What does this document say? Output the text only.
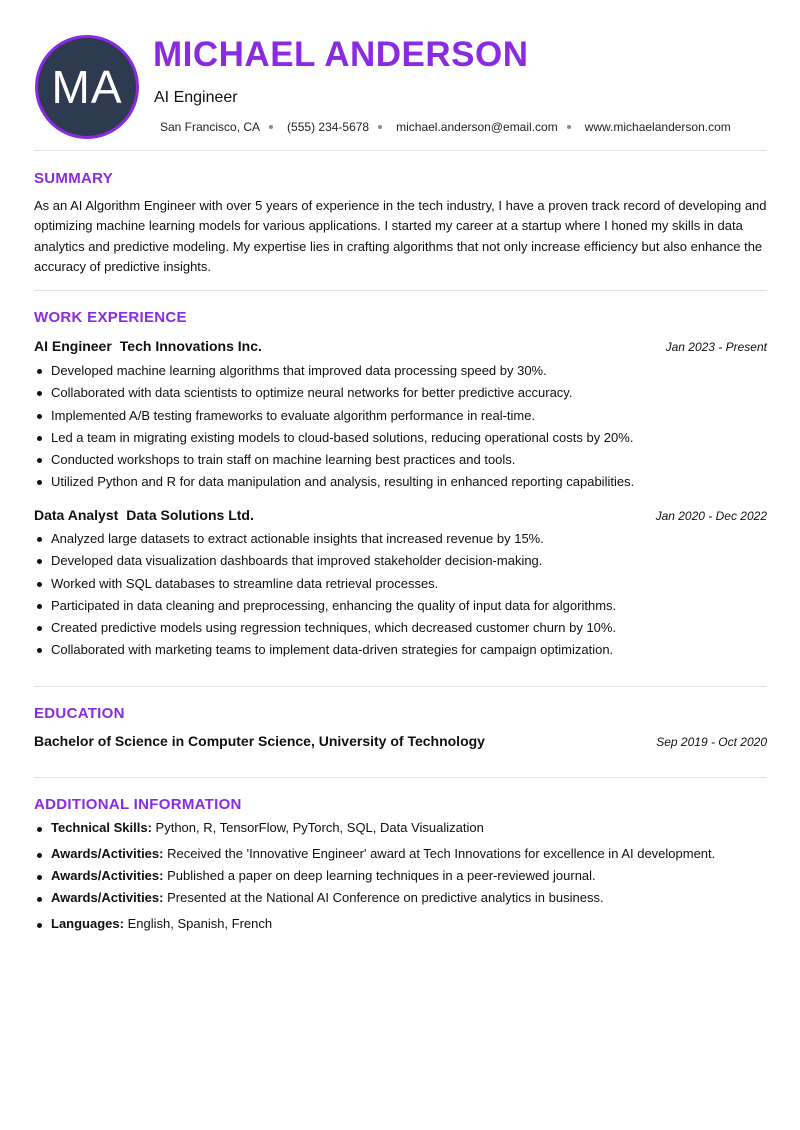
MA
MICHAEL ANDERSON
AI Engineer
San Francisco, CA (555) 234-5678 michael.anderson@email.com www.michaelanderson.com
SUMMARY

As an AI Algorithm Engineer with over 5 years of experience in the tech industry, I have a proven track record of developing and optimizing machine learning models for various applications. I started my career at a startup where I honed my skills in data analytics and predictive modeling. My expertise lies in crafting algorithms that not only increase efficiency but also enhance the accuracy of predictive insights.

WORK EXPERIENCE
AI Engineer Tech Innovations Inc.	Jan 2023 - Present
Developed machine learning algorithms that improved data processing speed by 30%.
Collaborated with data scientists to optimize neural networks for better predictive accuracy.
Implemented A/B testing frameworks to evaluate algorithm performance in real-time.
Led a team in migrating existing models to cloud-based solutions, reducing operational costs by 20%.
Conducted workshops to train staff on machine learning best practices and tools.
Utilized Python and R for data manipulation and analysis, resulting in enhanced reporting capabilities.
Data Analyst Data Solutions Ltd.	Jan 2020 - Dec 2022
Analyzed large datasets to extract actionable insights that increased revenue by 15%.
Developed data visualization dashboards that improved stakeholder decision-making.
Worked with SQL databases to streamline data retrieval processes.
Participated in data cleaning and preprocessing, enhancing the quality of input data for algorithms.
Created predictive models using regression techniques, which decreased customer churn by 10%.
Collaborated with marketing teams to implement data-driven strategies for campaign optimization.
EDUCATION
Bachelor of Science in Computer Science, University of Technology	Sep 2019 - Oct 2020
ADDITIONAL INFORMATION
Technical Skills: Python, R, TensorFlow, PyTorch, SQL, Data Visualization
Awards/Activities: Received the 'Innovative Engineer' award at Tech Innovations for excellence in AI development.
Awards/Activities: Published a paper on deep learning techniques in a peer-reviewed journal.
Awards/Activities: Presented at the National AI Conference on predictive analytics in business.
Languages: English, Spanish, French
